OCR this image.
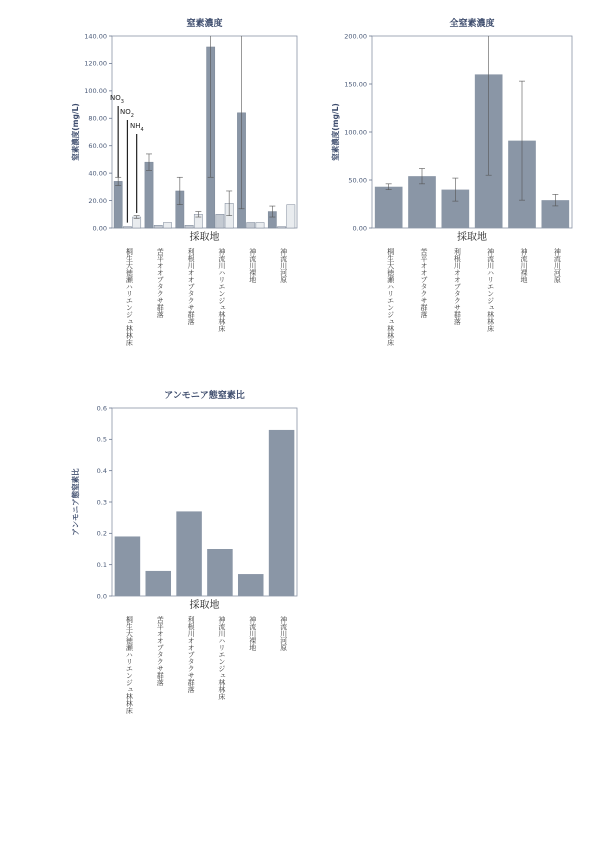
窒素濃度
0.00
20.00
40.00
60.00
80.00
100.00
120.00
140.00
窒素濃度(mg/L)
採取地
桐生大徳瀬ハリエンジュ林林床	苦平オオブタクサ群落	利根川オオブタクサ群落	神流川ハリエンジュ林林床	神流川裸地	神流川河原
$NO_3$
$NO_2$
$NH_4$
全窒素濃度
0.00
50.00
100.00
150.00
200.00
窒素濃度(mg/L)
採取地
桐生大徳瀬ハリエンジュ林林床	苦平オオブタクサ群落	利根川オオブタクサ群落	神流川ハリエンジュ林林床	神流川裸地	神流川河原
アンモニア態窒素比
0.0
0.1
0.2
0.3
0.4
0.5
0.6
アンモニア態窒素比
採取地
桐生大徳瀬ハリエンジュ林林床	苦平オオブタクサ群落	利根川オオブタクサ群落	神流川ハリエンジュ林林床	神流川裸地	神流川河原
